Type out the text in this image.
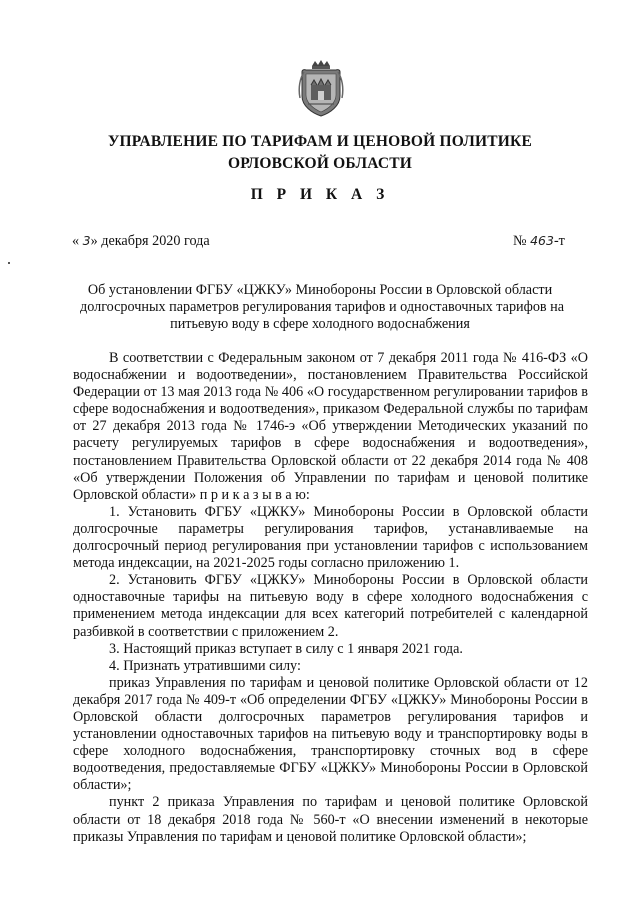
УПРАВЛЕНИЕ ПО ТАРИФАМ И ЦЕНОВОЙ ПОЛИТИКЕ
ОРЛОВСКОЙ ОБЛАСТИ
П Р И К А З
« 3» декабря 2020 года	№ 463-т
Об установлении ФГБУ «ЦЖКУ» Минобороны России в Орловской области
долгосрочных параметров регулирования тарифов и одноставочных тарифов на
питьевую воду в сфере холодного водоснабжения

В соответствии с Федеральным законом от 7 декабря 2011 года № 416-ФЗ «О водоснабжении и водоотведении», постановлением Правительства Российской Федерации от 13 мая 2013 года № 406 «О государственном регулировании тарифов в сфере водоснабжения и водоотведения», приказом Федеральной службы по тарифам от 27 декабря 2013 года № 1746-э «Об утверждении Методических указаний по расчету регулируемых тарифов в сфере водоснабжения и водоотведения», постановлением Правительства Орловской области от 22 декабря 2014 года № 408 «Об утверждении Положения об Управлении по тарифам и ценовой политике Орловской области» п р и к а з ы в а ю:

1. Установить ФГБУ «ЦЖКУ» Минобороны России в Орловской области долгосрочные параметры регулирования тарифов, устанавливаемые на долгосрочный период регулирования при установлении тарифов с использованием метода индексации, на 2021-2025 годы согласно приложению 1.

2. Установить ФГБУ «ЦЖКУ» Минобороны России в Орловской области одноставочные тарифы на питьевую воду в сфере холодного водоснабжения с применением метода индексации для всех категорий потребителей с календарной разбивкой в соответствии с приложением 2.

3. Настоящий приказ вступает в силу с 1 января 2021 года.

4. Признать утратившими силу:

приказ Управления по тарифам и ценовой политике Орловской области от 12 декабря 2017 года № 409-т «Об определении ФГБУ «ЦЖКУ» Минобороны России в Орловской области долгосрочных параметров регулирования тарифов и установлении одноставочных тарифов на питьевую воду и транспортировку воды в сфере холодного водоснабжения, транспортировку сточных вод в сфере водоотведения, предоставляемые ФГБУ «ЦЖКУ» Минобороны России в Орловской области»;

пункт 2 приказа Управления по тарифам и ценовой политике Орловской области от 18 декабря 2018 года № 560-т «О внесении изменений в некоторые приказы Управления по тарифам и ценовой политике Орловской области»;
